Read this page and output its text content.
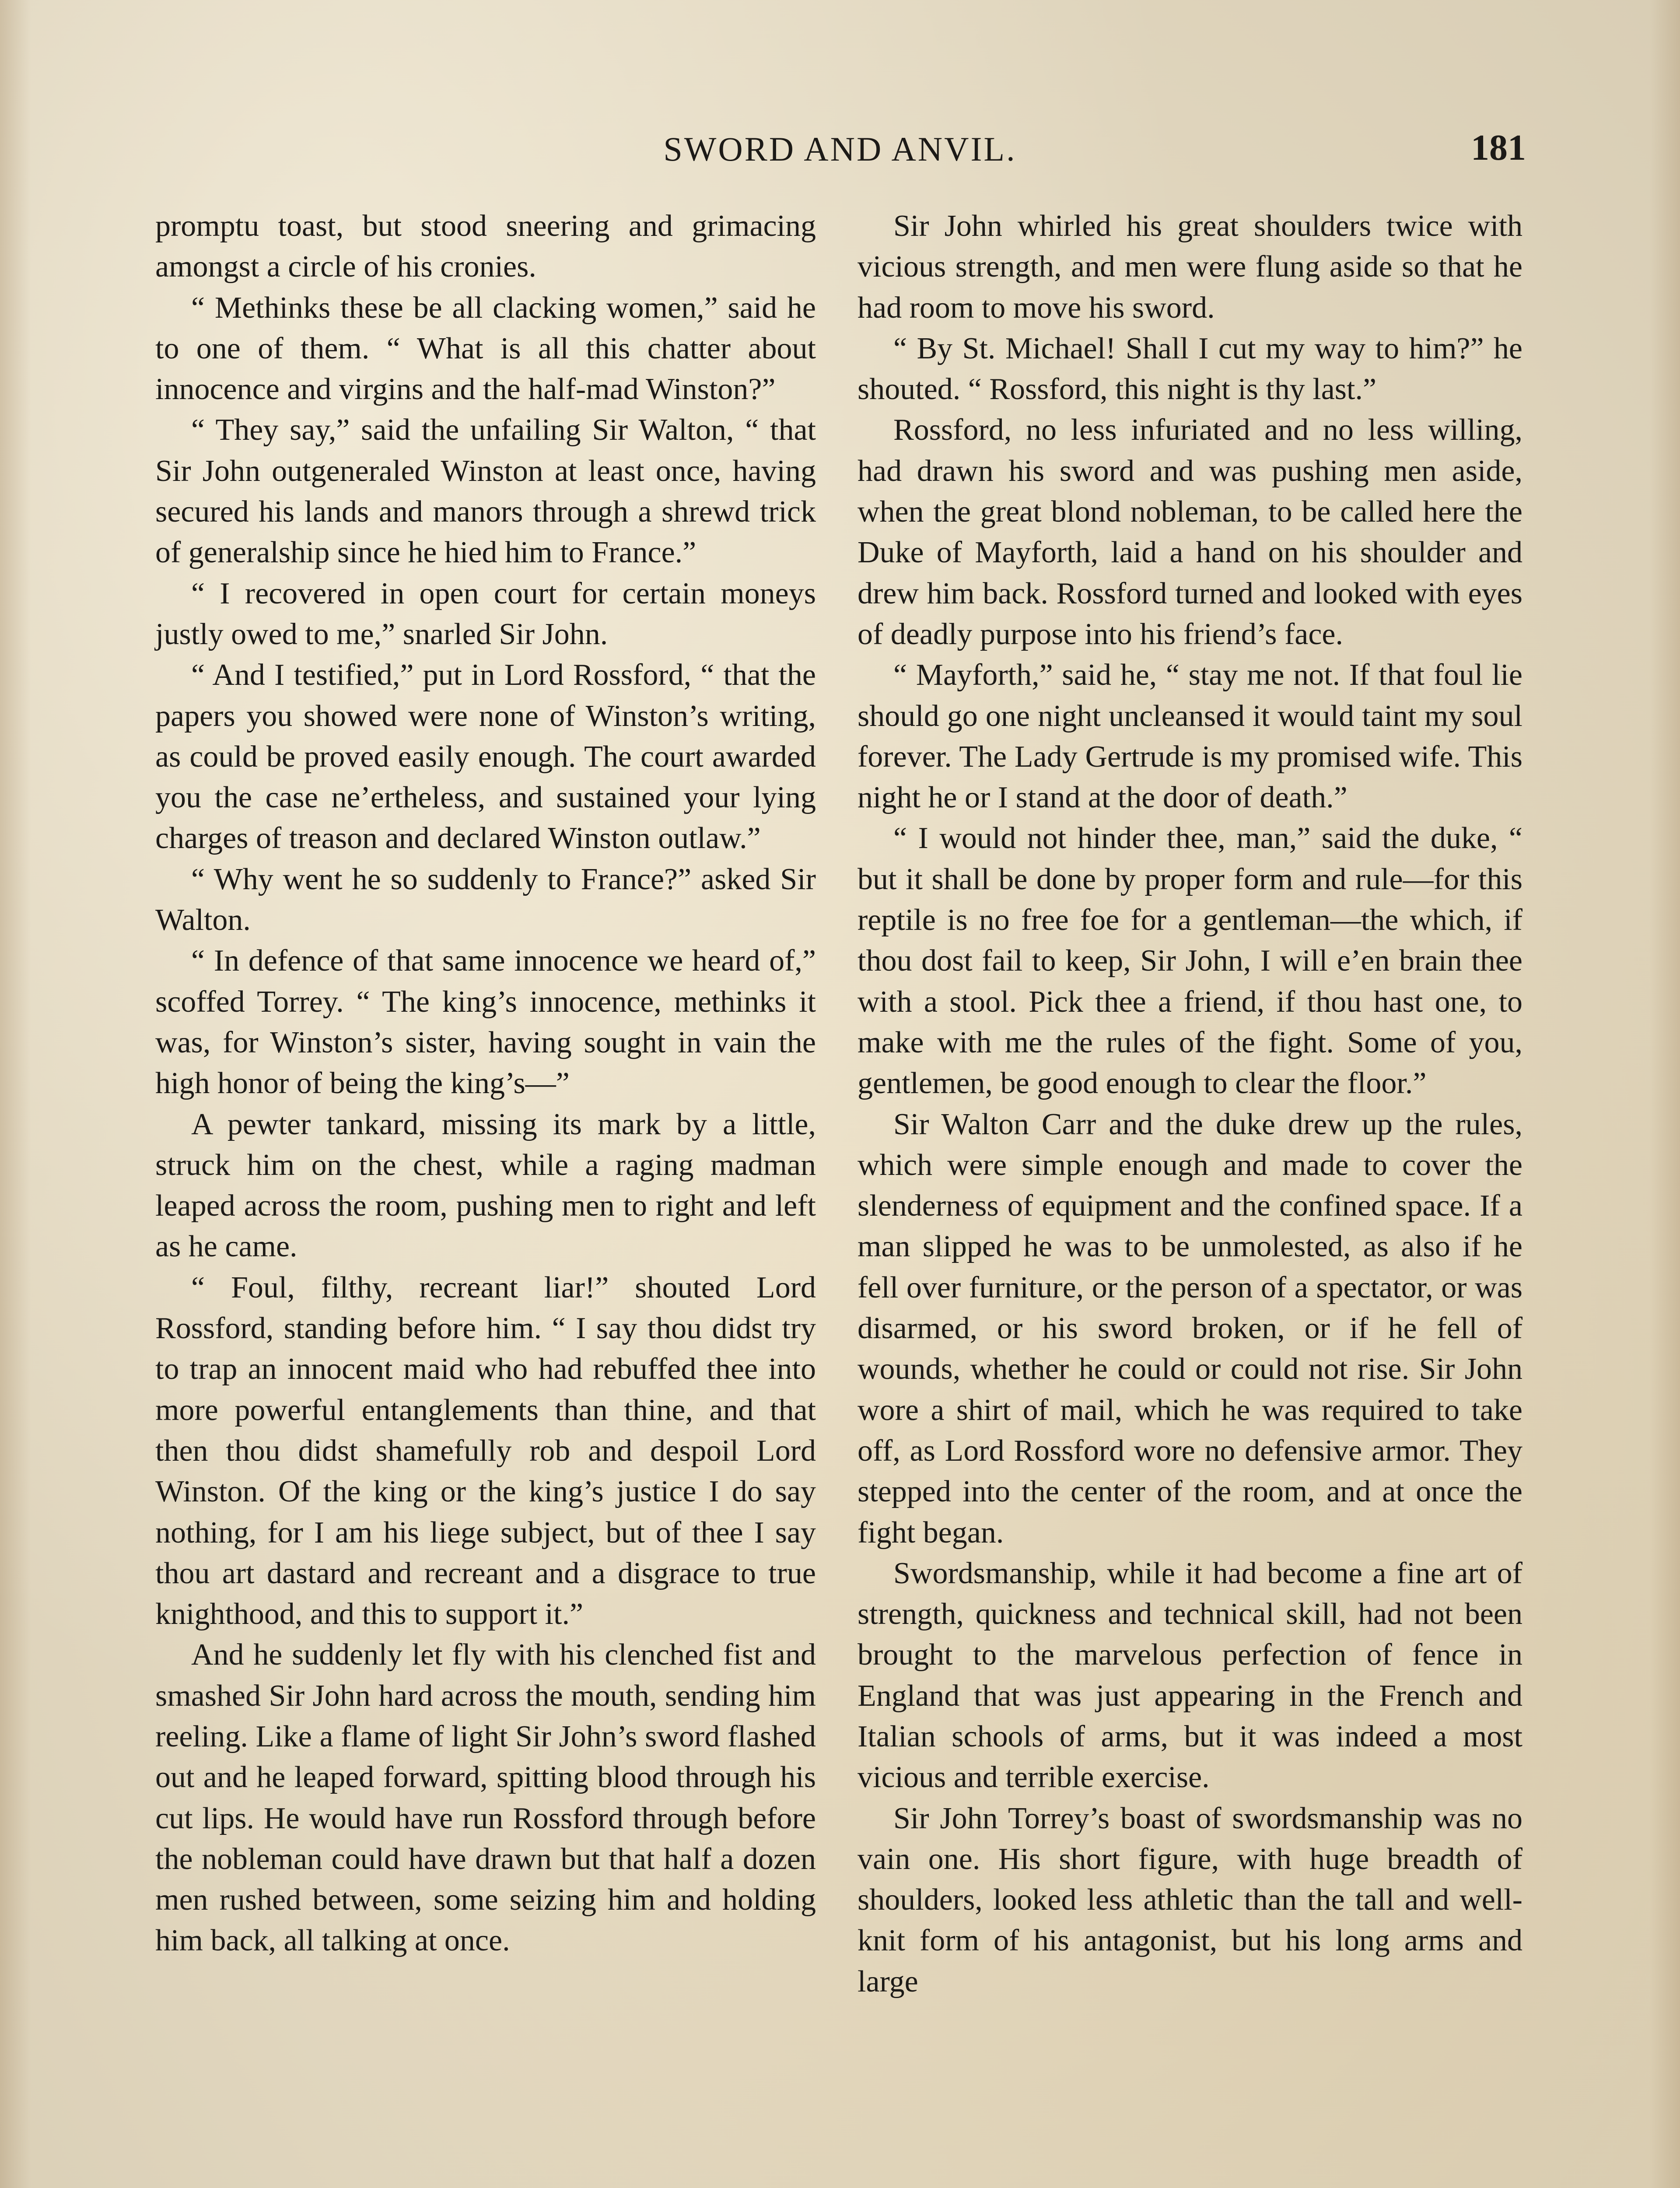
SWORD AND ANVIL.	181

promptu toast, but stood sneering and grimacing amongst a circle of his cronies.

“ Methinks these be all clacking women,” said he to one of them. “ What is all this chatter about innocence and virgins and the half-mad Winston?”

“ They say,” said the unfailing Sir Walton, “ that Sir John outgeneraled Winston at least once, having secured his lands and manors through a shrewd trick of generalship since he hied him to France.”

“ I recovered in open court for certain moneys justly owed to me,” snarled Sir John.

“ And I testified,” put in Lord Rossford, “ that the papers you showed were none of Winston’s writing, as could be proved easily enough. The court awarded you the case ne’ertheless, and sustained your lying charges of treason and declared Winston outlaw.”

“ Why went he so suddenly to France?” asked Sir Walton.

“ In defence of that same innocence we heard of,” scoffed Torrey. “ The king’s innocence, methinks it was, for Winston’s sister, having sought in vain the high honor of being the king’s—”

A pewter tankard, missing its mark by a little, struck him on the chest, while a raging madman leaped across the room, pushing men to right and left as he came.

“ Foul, filthy, recreant liar!” shouted Lord Rossford, standing before him. “ I say thou didst try to trap an innocent maid who had rebuffed thee into more powerful entanglements than thine, and that then thou didst shamefully rob and despoil Lord Winston. Of the king or the king’s justice I do say nothing, for I am his liege subject, but of thee I say thou art dastard and recreant and a disgrace to true knighthood, and this to support it.”

And he suddenly let fly with his clenched fist and smashed Sir John hard across the mouth, sending him reeling. Like a flame of light Sir John’s sword flashed out and he leaped forward, spitting blood through his cut lips. He would have run Rossford through before the nobleman could have drawn but that half a dozen men rushed between, some seizing him and holding him back, all talking at once.

Sir John whirled his great shoulders twice with vicious strength, and men were flung aside so that he had room to move his sword.

“ By St. Michael! Shall I cut my way to him?” he shouted. “ Rossford, this night is thy last.”

Rossford, no less infuriated and no less willing, had drawn his sword and was pushing men aside, when the great blond nobleman, to be called here the Duke of Mayforth, laid a hand on his shoulder and drew him back. Rossford turned and looked with eyes of deadly purpose into his friend’s face.

“ Mayforth,” said he, “ stay me not. If that foul lie should go one night uncleansed it would taint my soul forever. The Lady Gertrude is my promised wife. This night he or I stand at the door of death.”

“ I would not hinder thee, man,” said the duke, “ but it shall be done by proper form and rule—for this reptile is no free foe for a gentleman—the which, if thou dost fail to keep, Sir John, I will e’en brain thee with a stool. Pick thee a friend, if thou hast one, to make with me the rules of the fight. Some of you, gentlemen, be good enough to clear the floor.”

Sir Walton Carr and the duke drew up the rules, which were simple enough and made to cover the slenderness of equipment and the confined space. If a man slipped he was to be unmolested, as also if he fell over furniture, or the person of a spectator, or was disarmed, or his sword broken, or if he fell of wounds, whether he could or could not rise. Sir John wore a shirt of mail, which he was required to take off, as Lord Rossford wore no defensive armor. They stepped into the center of the room, and at once the fight began.

Swordsmanship, while it had become a fine art of strength, quickness and technical skill, had not been brought to the marvelous perfection of fence in England that was just appearing in the French and Italian schools of arms, but it was indeed a most vicious and terrible exercise.

Sir John Torrey’s boast of swordsmanship was no vain one. His short figure, with huge breadth of shoulders, looked less athletic than the tall and well-knit form of his antagonist, but his long arms and large
